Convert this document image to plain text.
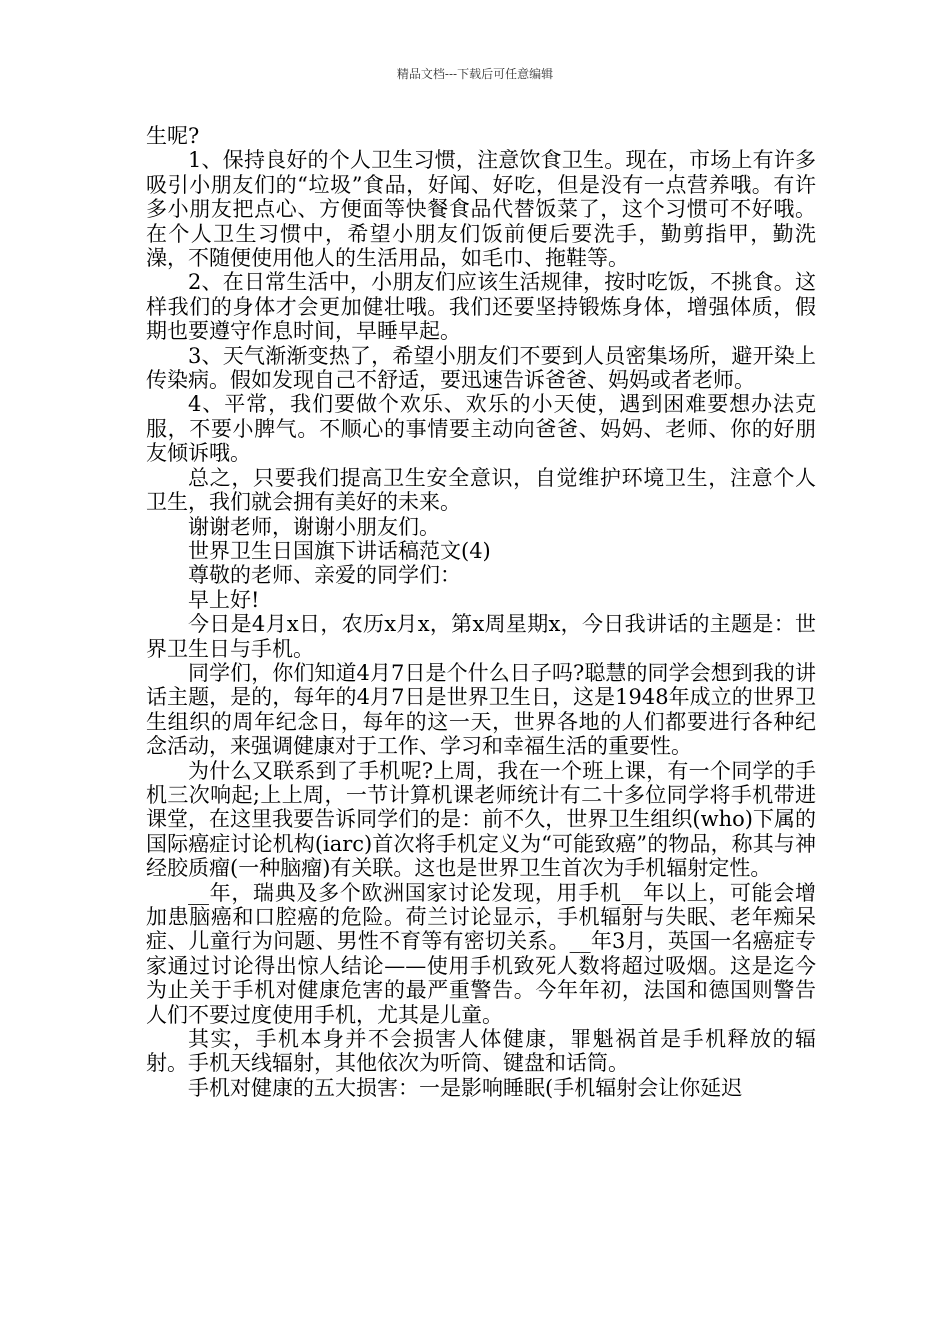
精品文档---下载后可任意编辑

生呢?

1、保持良好的个人卫生习惯，注意饮食卫生。现在，市场上有许多吸引小朋友们的“垃圾”食品，好闻、好吃，但是没有一点营养哦。有许多小朋友把点心、方便面等快餐食品代替饭菜了，这个习惯可不好哦。在个人卫生习惯中，希望小朋友们饭前便后要洗手，勤剪指甲，勤洗澡，不随便使用他人的生活用品，如毛巾、拖鞋等。

2、在日常生活中，小朋友们应该生活规律，按时吃饭，不挑食。这样我们的身体才会更加健壮哦。我们还要坚持锻炼身体，增强体质，假期也要遵守作息时间，早睡早起。

3、天气渐渐变热了，希望小朋友们不要到人员密集场所，避开染上传染病。假如发现自己不舒适，要迅速告诉爸爸、妈妈或者老师。

4、平常，我们要做个欢乐、欢乐的小天使，遇到困难要想办法克服，不要小脾气。不顺心的事情要主动向爸爸、妈妈、老师、你的好朋友倾诉哦。

总之，只要我们提高卫生安全意识，自觉维护环境卫生，注意个人卫生，我们就会拥有美好的未来。

谢谢老师，谢谢小朋友们。

世界卫生日国旗下讲话稿范文(4)

尊敬的老师、亲爱的同学们：

早上好!

今日是4月x日，农历x月x，第x周星期x，今日我讲话的主题是：世界卫生日与手机。

同学们，你们知道4月7日是个什么日子吗?聪慧的同学会想到我的讲话主题，是的，每年的4月7日是世界卫生日，这是1948年成立的世界卫生组织的周年纪念日，每年的这一天，世界各地的人们都要进行各种纪念活动，来强调健康对于工作、学习和幸福生活的重要性。

为什么又联系到了手机呢?上周，我在一个班上课，有一个同学的手机三次响起;上上周，一节计算机课老师统计有二十多位同学将手机带进课堂，在这里我要告诉同学们的是：前不久，世界卫生组织(who)下属的国际癌症讨论机构(iarc)首次将手机定义为“可能致癌”的物品，称其与神经胶质瘤(一种脑瘤)有关联。这也是世界卫生首次为手机辐射定性。

__年，瑞典及多个欧洲国家讨论发现，用手机__年以上，可能会增加患脑癌和口腔癌的危险。荷兰讨论显示，手机辐射与失眠、老年痴呆症、儿童行为问题、男性不育等有密切关系。__年3月，英国一名癌症专家通过讨论得出惊人结论——使用手机致死人数将超过吸烟。这是迄今为止关于手机对健康危害的最严重警告。今年年初，法国和德国则警告人们不要过度使用手机，尤其是儿童。

其实，手机本身并不会损害人体健康，罪魁祸首是手机释放的辐射。手机天线辐射，其他依次为听筒、键盘和话筒。

手机对健康的五大损害：一是影响睡眠(手机辐射会让你延迟
